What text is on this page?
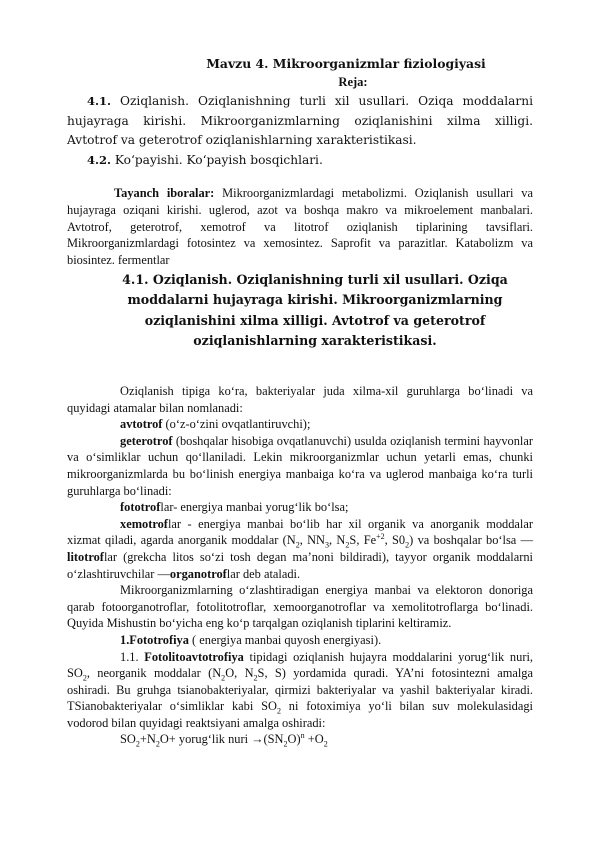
Mavzu 4. Mikroorganizmlar fiziologiyasi
Reja:
4.1. Oziqlanish. Oziqlanishning turli xil usullari. Oziqa moddalarni hujayraga kirishi. Mikroorganizmlarning oziqlanishini xilma xilligi. Avtotrof va geterotrof oziqlanishlarning xarakteristikasi.
4.2. Ko‘payishi. Ko‘payish bosqichlari.
Tayanch iboralar: Mikroorganizmlardagi metabolizmi. Oziqlanish usullari va hujayraga oziqani kirishi. uglerod, azot va boshqa makro va mikroelement manbalari. Avtotrof, geterotrof, xemotrof va litotrof oziqlanish tiplarining tavsiflari. Mikroorganizmlardagi fotosintez va xemosintez. Saprofit va parazitlar. Katabolizm va biosintez. fermentlar
4.1. Oziqlanish. Oziqlanishning turli xil usullari. Oziqa moddalarni hujayraga kirishi. Mikroorganizmlarning oziqlanishini xilma xilligi. Avtotrof va geterotrof oziqlanishlarning xarakteristikasi.

Oziqlanish tipiga ko‘ra, bakteriyalar juda xilma-xil guruhlarga bo‘linadi va quyidagi atamalar bilan nomlanadi:

avtotrof (o‘z-o‘zini ovqatlantiruvchi);

geterotrof (boshqalar hisobiga ovqatlanuvchi) usulda oziqlanish termini hayvonlar va o‘simliklar uchun qo‘llaniladi. Lekin mikroorganizmlar uchun yetarli emas, chunki mikroorganizmlarda bu bo‘linish energiya manbaiga ko‘ra va uglerod manbaiga ko‘ra turli guruhlarga bo‘linadi:

fototroflar- energiya manbai yorug‘lik bo‘lsa;

xemotroflar - energiya manbai bo‘lib har xil organik va anorganik moddalar xizmat qiladi, agarda anorganik moddalar ($N_2$, $NN_3$, $N_2S$, $Fe^{+2}$, $S0_2$) va boshqalar bo‘lsa — litotroflar (grekcha litos so‘zi tosh degan ma’noni bildiradi), tayyor organik moddalarni o‘zlashtiruvchilar —organotroflar deb ataladi.

Mikroorganizmlarning o‘zlashtiradigan energiya manbai va elektoron donoriga qarab fotoorganotroflar, fotolitotroflar, xemoorganotroflar va xemolitotroflarga bo‘linadi. Quyida Mishustin bo‘yicha eng ko‘p tarqalgan oziqlanish tiplarini keltiramiz.

1.Fototrofiya ( energiya manbai quyosh energiyasi).

1.1. Fotolitoavtotrofiya tipidagi oziqlanish hujayra moddalarini yorug‘lik nuri, $SO_2$, neorganik moddalar ($N_2O$, $N_2S$, S) yordamida quradi. YA’ni fotosintezni amalga oshiradi. Bu gruhga tsianobakteriyalar, qirmizi bakteriyalar va yashil bakteriyalar kiradi. TSianobakteriyalar o‘simliklar kabi $SO_2$ ni fotoximiya yo‘li bilan suv molekulasidagi vodorod bilan quyidagi reaktsiyani amalga oshiradi:

$SO_2+N_2O+$ yorug‘lik nuri $\to(SN_2O)^n +O_2$
